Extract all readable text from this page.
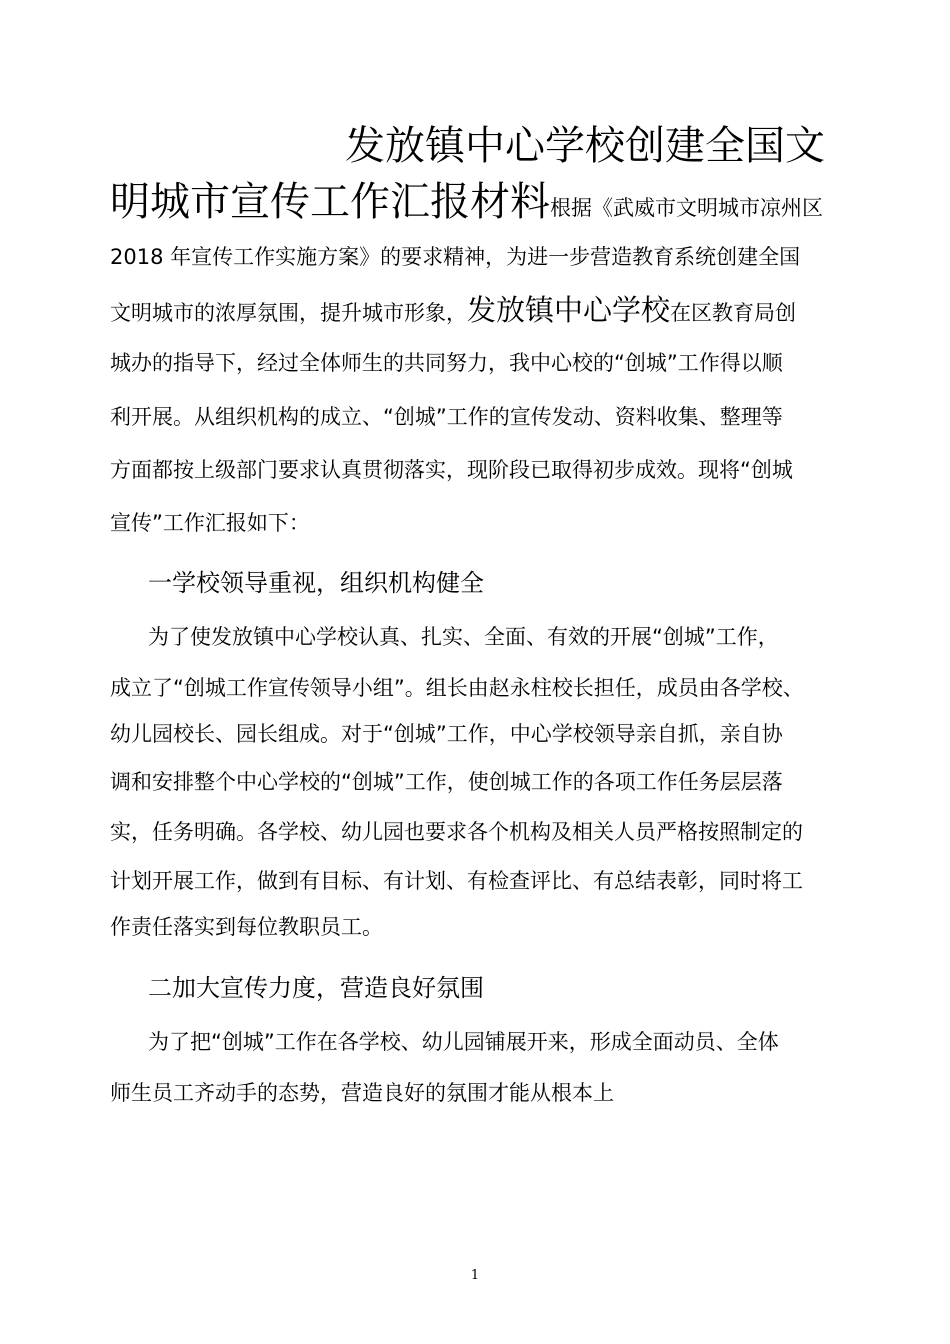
发放镇中心学校创建全国文
明城市宣传工作汇报材料根据《武威市文明城市凉州区
2018 年宣传工作实施方案》的要求精神，为进一步营造教育系统创建全国
文明城市的浓厚氛围，提升城市形象，发放镇中心学校在区教育局创
城办的指导下，经过全体师生的共同努力，我中心校的“创城”工作得以顺
利开展。从组织机构的成立、“创城”工作的宣传发动、资料收集、整理等
方面都按上级部门要求认真贯彻落实，现阶段已取得初步成效。现将“创城
宣传”工作汇报如下：
一学校领导重视，组织机构健全
为了使发放镇中心学校认真、扎实、全面、有效的开展“创城”工作，
成立了“创城工作宣传领导小组”。组长由赵永柱校长担任，成员由各学校、
幼儿园校长、园长组成。对于“创城”工作，中心学校领导亲自抓，亲自协
调和安排整个中心学校的“创城”工作，使创城工作的各项工作任务层层落
实，任务明确。各学校、幼儿园也要求各个机构及相关人员严格按照制定的
计划开展工作，做到有目标、有计划、有检查评比、有总结表彰，同时将工
作责任落实到每位教职员工。
二加大宣传力度，营造良好氛围
为了把“创城”工作在各学校、幼儿园铺展开来，形成全面动员、全体
师生员工齐动手的态势，营造良好的氛围才能从根本上
1
